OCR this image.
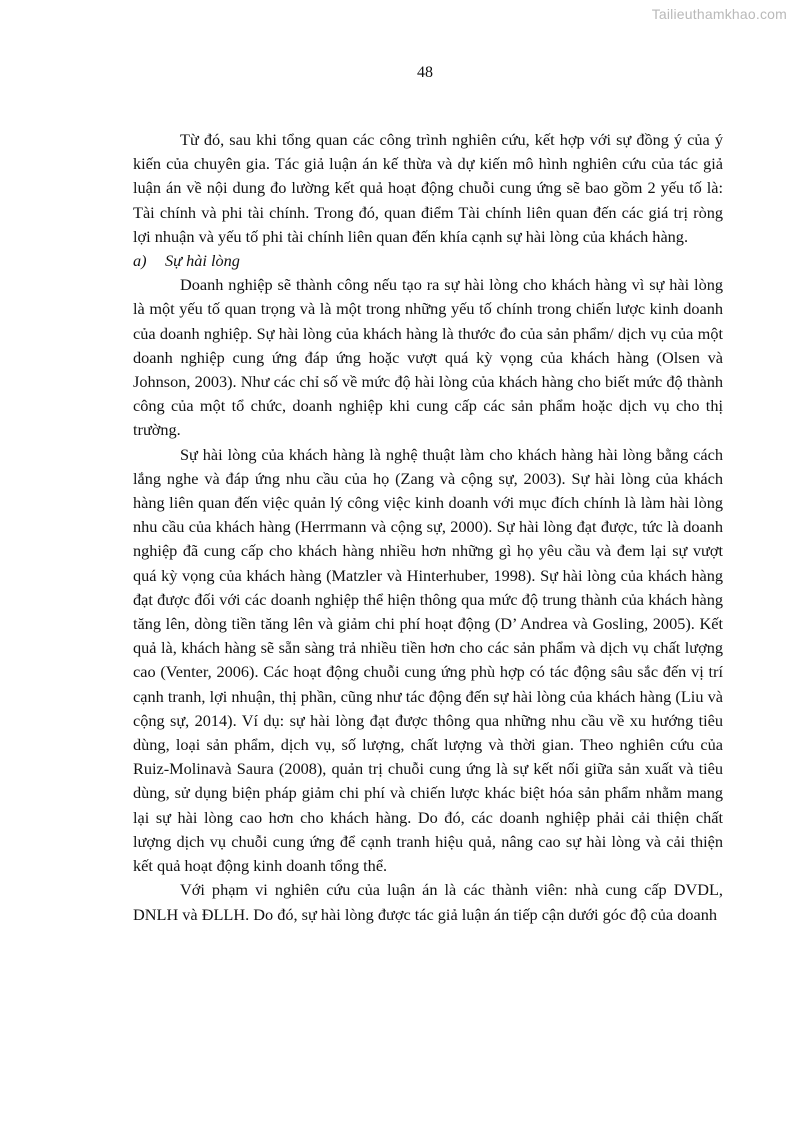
Tailieuthamkhao.com
48

Từ đó, sau khi tổng quan các công trình nghiên cứu, kết hợp với sự đồng ý của ý kiến của chuyên gia. Tác giả luận án kế thừa và dự kiến mô hình nghiên cứu của tác giả luận án về nội dung đo lường kết quả hoạt động chuỗi cung ứng sẽ bao gồm 2 yếu tố là: Tài chính và phi tài chính. Trong đó, quan điểm Tài chính liên quan đến các giá trị ròng lợi nhuận và yếu tố phi tài chính liên quan đến khía cạnh sự hài lòng của khách hàng.

a) Sự hài lòng

Doanh nghiệp sẽ thành công nếu tạo ra sự hài lòng cho khách hàng vì sự hài lòng là một yếu tố quan trọng và là một trong những yếu tố chính trong chiến lược kinh doanh của doanh nghiệp. Sự hài lòng của khách hàng là thước đo của sản phẩm/ dịch vụ của một doanh nghiệp cung ứng đáp ứng hoặc vượt quá kỳ vọng của khách hàng (Olsen và Johnson, 2003). Như các chỉ số về mức độ hài lòng của khách hàng cho biết mức độ thành công của một tổ chức, doanh nghiệp khi cung cấp các sản phẩm hoặc dịch vụ cho thị trường.

Sự hài lòng của khách hàng là nghệ thuật làm cho khách hàng hài lòng bằng cách lắng nghe và đáp ứng nhu cầu của họ (Zang và cộng sự, 2003). Sự hài lòng của khách hàng liên quan đến việc quản lý công việc kinh doanh với mục đích chính là làm hài lòng nhu cầu của khách hàng (Herrmann và cộng sự, 2000). Sự hài lòng đạt được, tức là doanh nghiệp đã cung cấp cho khách hàng nhiều hơn những gì họ yêu cầu và đem lại sự vượt quá kỳ vọng của khách hàng (Matzler và Hinterhuber, 1998). Sự hài lòng của khách hàng đạt được đối với các doanh nghiệp thể hiện thông qua mức độ trung thành của khách hàng tăng lên, dòng tiền tăng lên và giảm chi phí hoạt động (D’ Andrea và Gosling, 2005). Kết quả là, khách hàng sẽ sẵn sàng trả nhiều tiền hơn cho các sản phẩm và dịch vụ chất lượng cao (Venter, 2006). Các hoạt động chuỗi cung ứng phù hợp có tác động sâu sắc đến vị trí cạnh tranh, lợi nhuận, thị phần, cũng như tác động đến sự hài lòng của khách hàng (Liu và cộng sự, 2014). Ví dụ: sự hài lòng đạt được thông qua những nhu cầu về xu hướng tiêu dùng, loại sản phẩm, dịch vụ, số lượng, chất lượng và thời gian. Theo nghiên cứu của Ruiz-Molinavà Saura (2008), quản trị chuỗi cung ứng là sự kết nối giữa sản xuất và tiêu dùng, sử dụng biện pháp giảm chi phí và chiến lược khác biệt hóa sản phẩm nhằm mang lại sự hài lòng cao hơn cho khách hàng. Do đó, các doanh nghiệp phải cải thiện chất lượng dịch vụ chuỗi cung ứng để cạnh tranh hiệu quả, nâng cao sự hài lòng và cải thiện kết quả hoạt động kinh doanh tổng thể.

Với phạm vi nghiên cứu của luận án là các thành viên: nhà cung cấp DVDL, DNLH và ĐLLH. Do đó, sự hài lòng được tác giả luận án tiếp cận dưới góc độ của doanh
